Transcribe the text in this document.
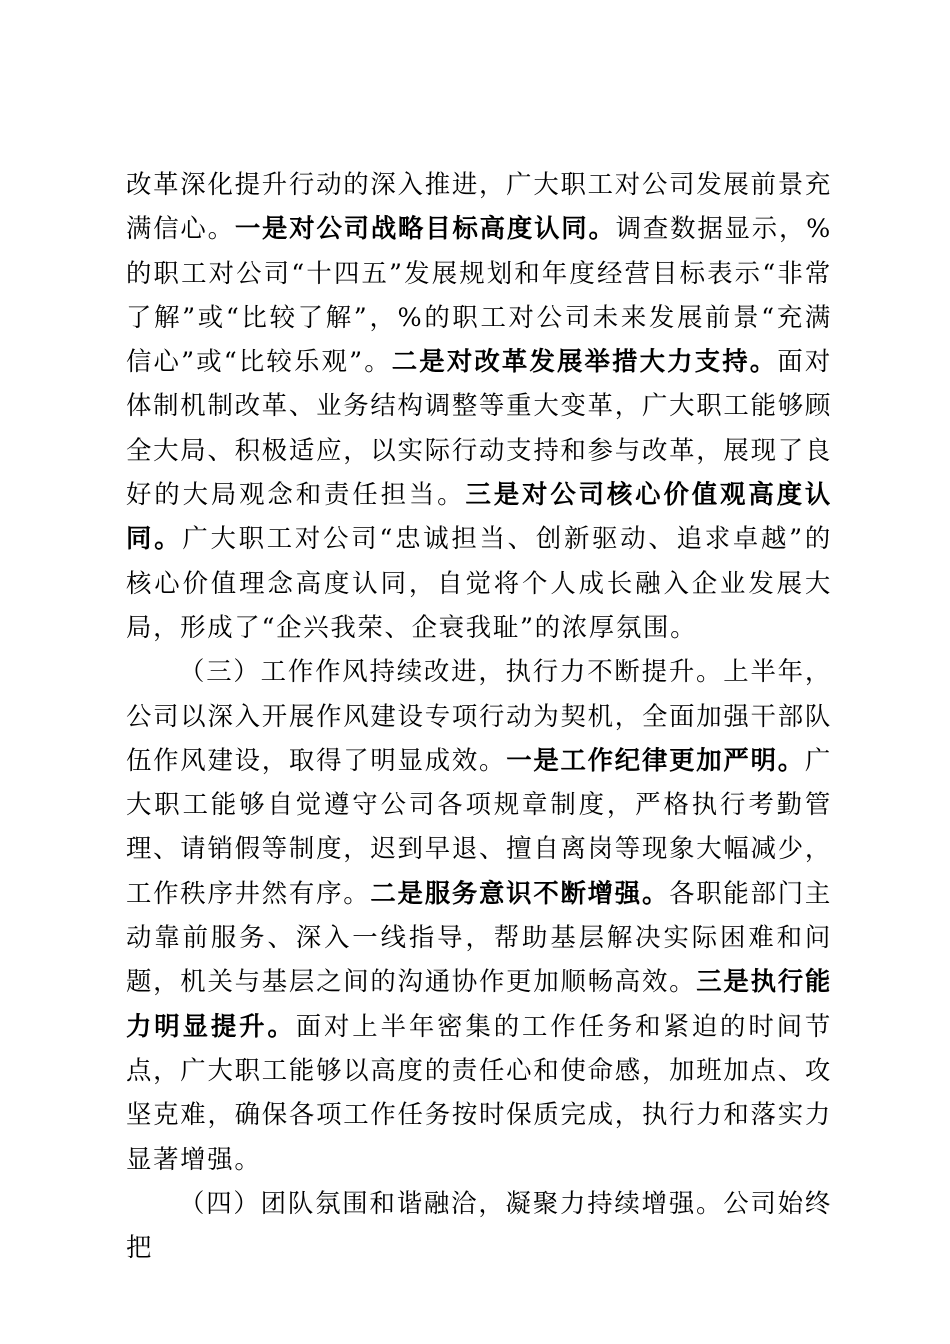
改革深化提升行动的深入推进，广大职工对公司发展前景充满信心。一是对公司战略目标高度认同。调查数据显示，%的职工对公司“十四五”发展规划和年度经营目标表示“非常了解”或“比较了解”，%的职工对公司未来发展前景“充满信心”或“比较乐观”。二是对改革发展举措大力支持。面对体制机制改革、业务结构调整等重大变革，广大职工能够顾全大局、积极适应，以实际行动支持和参与改革，展现了良好的大局观念和责任担当。三是对公司核心价值观高度认同。广大职工对公司“忠诚担当、创新驱动、追求卓越”的核心价值理念高度认同，自觉将个人成长融入企业发展大局，形成了“企兴我荣、企衰我耻”的浓厚氛围。

（三）工作作风持续改进，执行力不断提升。上半年，公司以深入开展作风建设专项行动为契机，全面加强干部队伍作风建设，取得了明显成效。一是工作纪律更加严明。广大职工能够自觉遵守公司各项规章制度，严格执行考勤管理、请销假等制度，迟到早退、擅自离岗等现象大幅减少，工作秩序井然有序。二是服务意识不断增强。各职能部门主动靠前服务、深入一线指导，帮助基层解决实际困难和问题，机关与基层之间的沟通协作更加顺畅高效。三是执行能力明显提升。面对上半年密集的工作任务和紧迫的时间节点，广大职工能够以高度的责任心和使命感，加班加点、攻坚克难，确保各项工作任务按时保质完成，执行力和落实力显著增强。

（四）团队氛围和谐融洽，凝聚力持续增强。公司始终把
